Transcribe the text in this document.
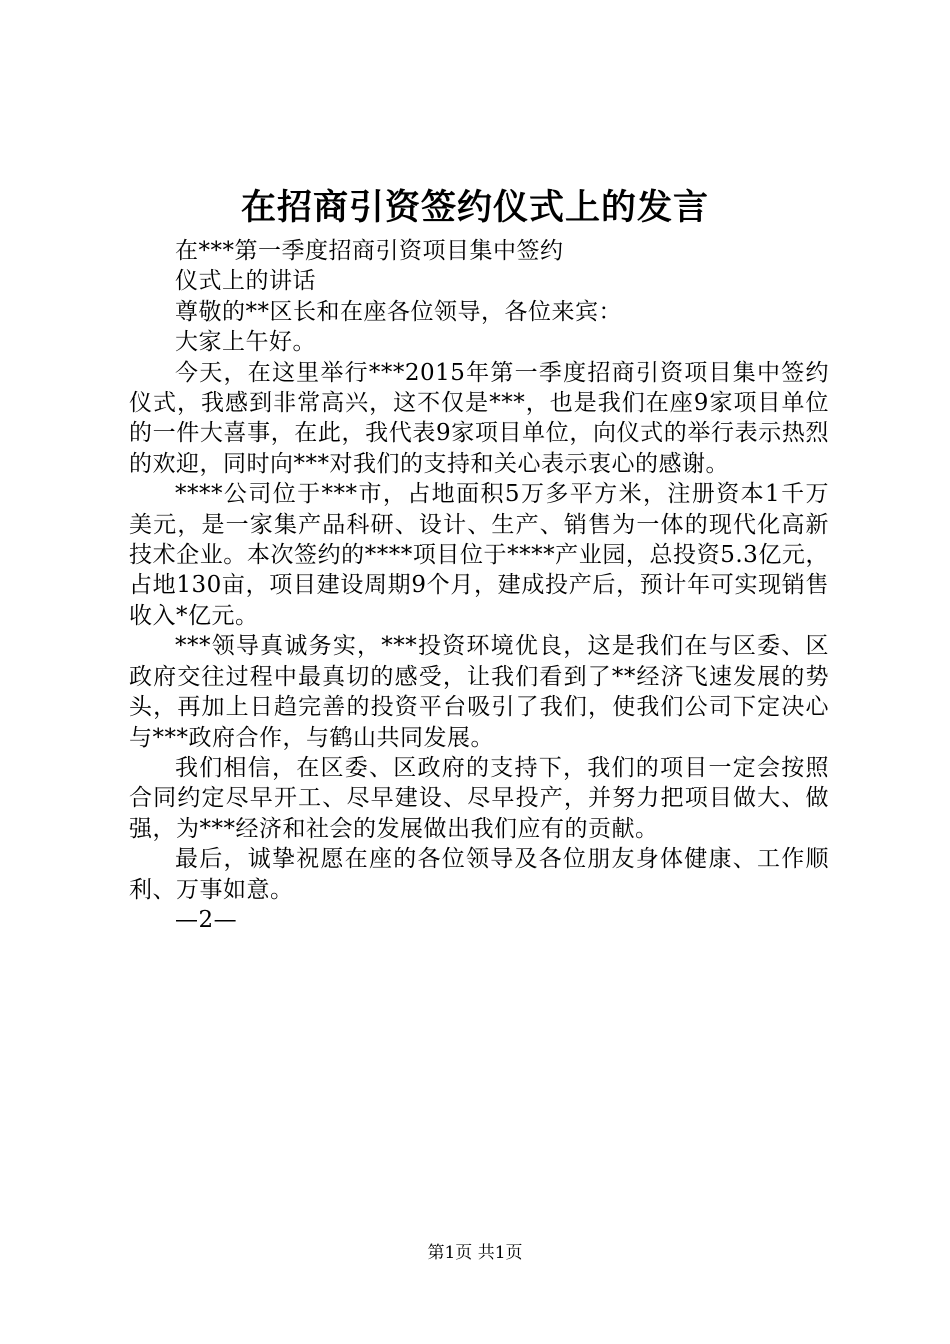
在招商引资签约仪式上的发言

在***第一季度招商引资项目集中签约

仪式上的讲话

尊敬的**区长和在座各位领导，各位来宾：

大家上午好。

今天，在这里举行***2015年第一季度招商引资项目集中签约仪式，我感到非常高兴，这不仅是***，也是我们在座9家项目单位的一件大喜事，在此，我代表9家项目单位，向仪式的举行表示热烈的欢迎，同时向***对我们的支持和关心表示衷心的感谢。

****公司位于***市，占地面积5万多平方米，注册资本1千万美元，是一家集产品科研、设计、生产、销售为一体的现代化高新技术企业。本次签约的****项目位于****产业园，总投资5.3亿元，占地130亩，项目建设周期9个月，建成投产后，预计年可实现销售收入*亿元。

***领导真诚务实，***投资环境优良，这是我们在与区委、区政府交往过程中最真切的感受，让我们看到了**经济飞速发展的势头，再加上日趋完善的投资平台吸引了我们，使我们公司下定决心与***政府合作，与鹤山共同发展。

我们相信，在区委、区政府的支持下，我们的项目一定会按照合同约定尽早开工、尽早建设、尽早投产，并努力把项目做大、做强，为***经济和社会的发展做出我们应有的贡献。

最后，诚挚祝愿在座的各位领导及各位朋友身体健康、工作顺利、万事如意。

—2—

第1页 共1页
